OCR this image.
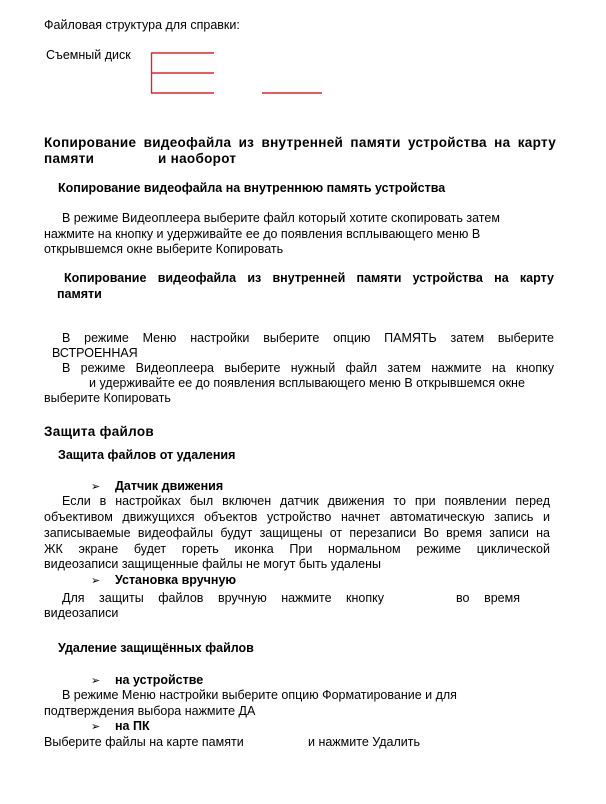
Файловая структура для справки:
Съемный диск
Копирование видеофайла из внутренней памяти устройства на карту
памяти	и наоборот
Копирование видеофайла на внутреннюю память устройства
В режиме Видеоплеера выберите файл который хотите скопировать затем
нажмите на кнопку и удерживайте ее до появления всплывающего меню В
открывшемся окне выберите Копировать
Копирование видеофайла из внутренней памяти устройства на карту
памяти
В режиме Меню настройки выберите опцию ПАМЯТЬ затем выберите
ВСТРОЕННАЯ
В режиме Видеоплеера выберите нужный файл затем нажмите на кнопку
и удерживайте ее до появления всплывающего меню В открывшемся окне
выберите Копировать
Защита файлов
Защита файлов от удаления
➢ Датчик движения
Если в настройках был включен датчик движения то при появлении перед
объективом движущихся объектов устройство начнет автоматическую запись и
записываемые видеофайлы будут защищены от перезаписи Во время записи на
ЖК экране будет гореть иконка При нормальном режиме циклической
видеозаписи защищенные файлы не могут быть удалены
➢ Установка вручную
Для защиты файлов вручную нажмите кнопку	во время
видеозаписи
Удаление защищённых файлов
➢ на устройстве
В режиме Меню настройки выберите опцию Форматирование и для
подтверждения выбора нажмите ДА
➢ на ПК
Выберите файлы на карте памяти	и нажмите Удалить
